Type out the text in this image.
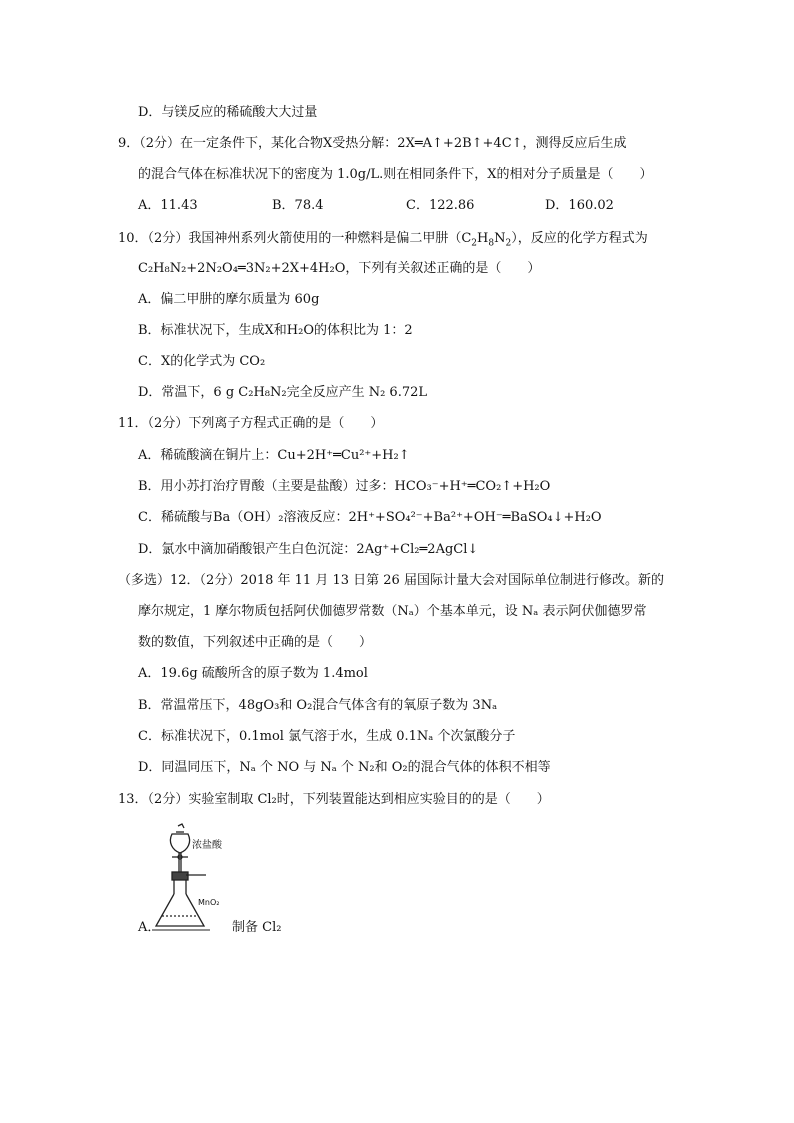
D．与镁反应的稀硫酸大大过量
9．（2分）在一定条件下，某化合物X受热分解：2X═A↑+2B↑+4C↑，测得反应后生成
的混合气体在标准状况下的密度为 1.0g/L.则在相同条件下，X的相对分子质量是（　　）
A．11.43	B．78.4	C．122.86	D．160.02
10．（2分）我国神州系列火箭使用的一种燃料是偏二甲肼$(C_2H_8N_2)$，反应的化学方程式为
C₂H₈N₂+2N₂O₄═3N₂+2X+4H₂O，下列有关叙述正确的是（　　）
A．偏二甲肼的摩尔质量为 60g
B．标准状况下，生成X和H₂O的体积比为 1：2
C．X的化学式为 CO₂
D．常温下，6 g C₂H₈N₂完全反应产生 N₂ 6.72L
11．（2分）下列离子方程式正确的是（　　）
A．稀硫酸滴在铜片上：Cu+2H⁺═Cu²⁺+H₂↑
B．用小苏打治疗胃酸（主要是盐酸）过多：HCO₃⁻+H⁺═CO₂↑+H₂O
C．稀硫酸与Ba（OH）₂溶液反应：2H⁺+SO₄²⁻+Ba²⁺+OH⁻═BaSO₄↓+H₂O
D．氯水中滴加硝酸银产生白色沉淀：2Ag⁺+Cl₂═2AgCl↓
（多选）12．（2分）2018 年 11 月 13 日第 26 届国际计量大会对国际单位制进行修改。新的
摩尔规定，1 摩尔物质包括阿伏伽德罗常数（Nₐ）个基本单元，设 Nₐ 表示阿伏伽德罗常
数的数值，下列叙述中正确的是（　　）
A．19.6g 硫酸所含的原子数为 1.4mol
B．常温常压下，48gO₃和 O₂混合气体含有的氧原子数为 3Nₐ
C．标准状况下，0.1mol 氯气溶于水，生成 0.1Nₐ 个次氯酸分子
D．同温同压下，Nₐ 个 NO 与 Nₐ 个 N₂和 O₂的混合气体的体积不相等
13．（2分）实验室制取 Cl₂时，下列装置能达到相应实验目的的是（　　）
浓盐酸
MnO₂
A．	制备 Cl₂
